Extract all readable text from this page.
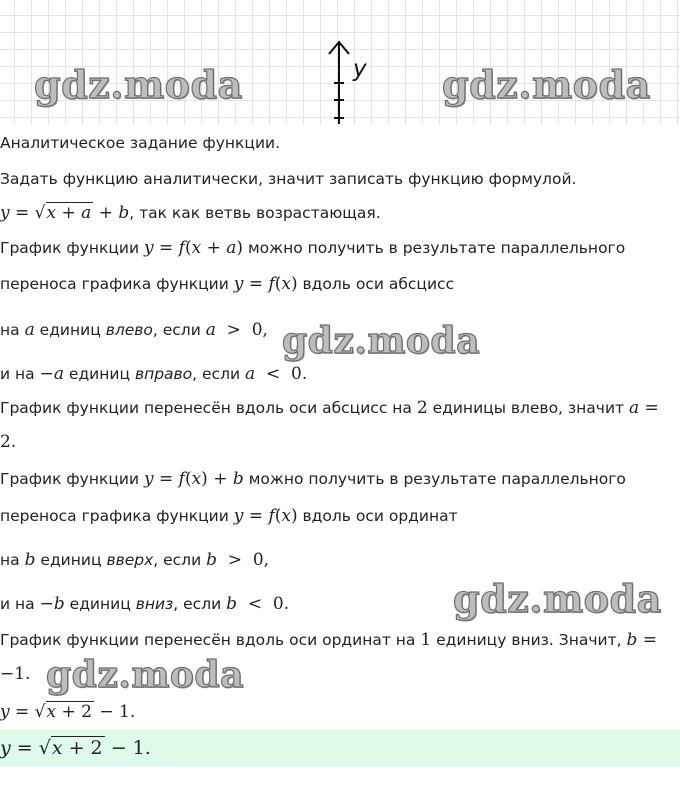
y
gdz.moda	gdz.moda
gdz.moda
gdz.moda
gdz.moda
Аналитическое задание функции.
Задать функцию аналитически, значит записать функцию формулой.
y = √x + a + b, так как ветвь возрастающая.
График функции y = f(x + a) можно получить в результате параллельного
переноса графика функции y = f(x) вдоль оси абсцисс
на a единиц влево, если a  >  0,
и на −a единиц вправо, если a  <  0.
График функции перенесён вдоль оси абсцисс на 2 единицы влево, значит a =
2.
График функции y = f(x) + b можно получить в результате параллельного
переноса графика функции y = f(x) вдоль оси ординат
на b единиц вверх, если b  >  0,
и на −b единиц вниз, если b  <  0.
График функции перенесён вдоль оси ординат на 1 единицу вниз. Значит, b =
−1.
y = √x + 2 − 1.
y = √x + 2 − 1.
